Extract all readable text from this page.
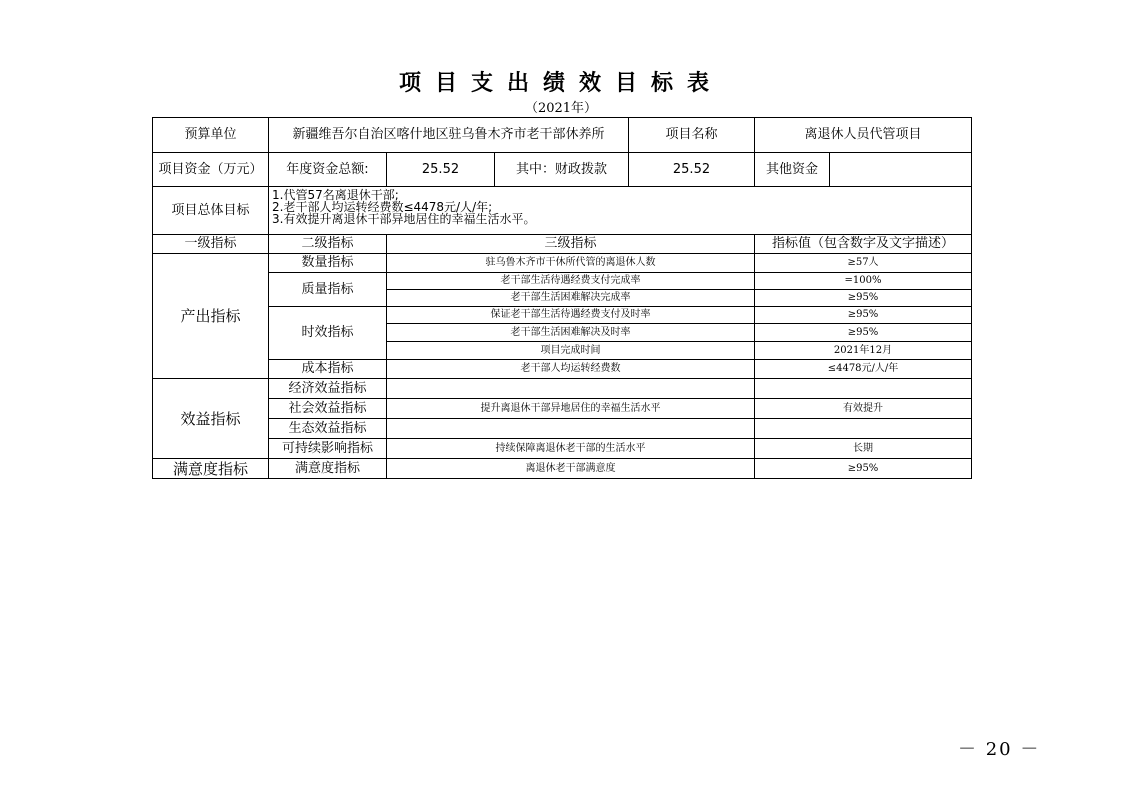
项目支出绩效目标表
（2021年）
预算单位	新疆维吾尔自治区喀什地区驻乌鲁木齐市老干部休养所			项目名称	离退休人员代管项目	
项目资金（万元）	年度资金总额:	25.52	其中：财政拨款	25.52	其他资金	
项目总体目标	1.代管57名离退休干部;
2.老干部人均运转经费数≤4478元/人/年;
3.有效提升离退休干部异地居住的幸福生活水平。					

一级指标	二级指标	三级指标			指标值（包含数字及文字描述）	
产出指标	数量指标	驻乌鲁木齐市干休所代管的离退休人数			≥57人	
	质量指标	老干部生活待遇经费支付完成率			=100%	
		老干部生活困难解决完成率			≥95%	
	时效指标	保证老干部生活待遇经费支付及时率			≥95%	
		老干部生活困难解决及时率			≥95%	
		项目完成时间			2021年12月	
	成本指标	老干部人均运转经费数			≤4478元/人/年	
效益指标	经济效益指标					
	社会效益指标	提升离退休干部异地居住的幸福生活水平			有效提升	
	生态效益指标					
	可持续影响指标	持续保障离退休老干部的生活水平			长期	
满意度指标	满意度指标	离退休老干部满意度			≥95%	
－ 20 －
